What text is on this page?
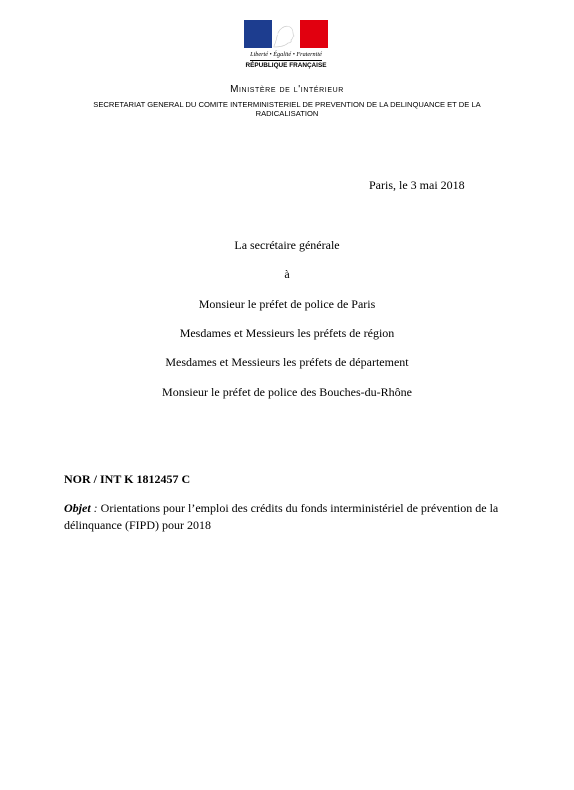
Liberté • Égalité • Fraternité
RÉPUBLIQUE FRANÇAISE
Ministère de l'intérieur
SECRETARIAT GENERAL DU COMITE INTERMINISTERIEL DE PREVENTION DE LA DELINQUANCE ET DE LA
RADICALISATION
Paris, le 3 mai 2018
La secrétaire générale
à
Monsieur le préfet de police de Paris
Mesdames et Messieurs les préfets de région
Mesdames et Messieurs les préfets de département
Monsieur le préfet de police des Bouches-du-Rhône
NOR / INT K 1812457 C
Objet : Orientations pour l’emploi des crédits du fonds interministériel de prévention de la délinquance (FIPD) pour 2018
